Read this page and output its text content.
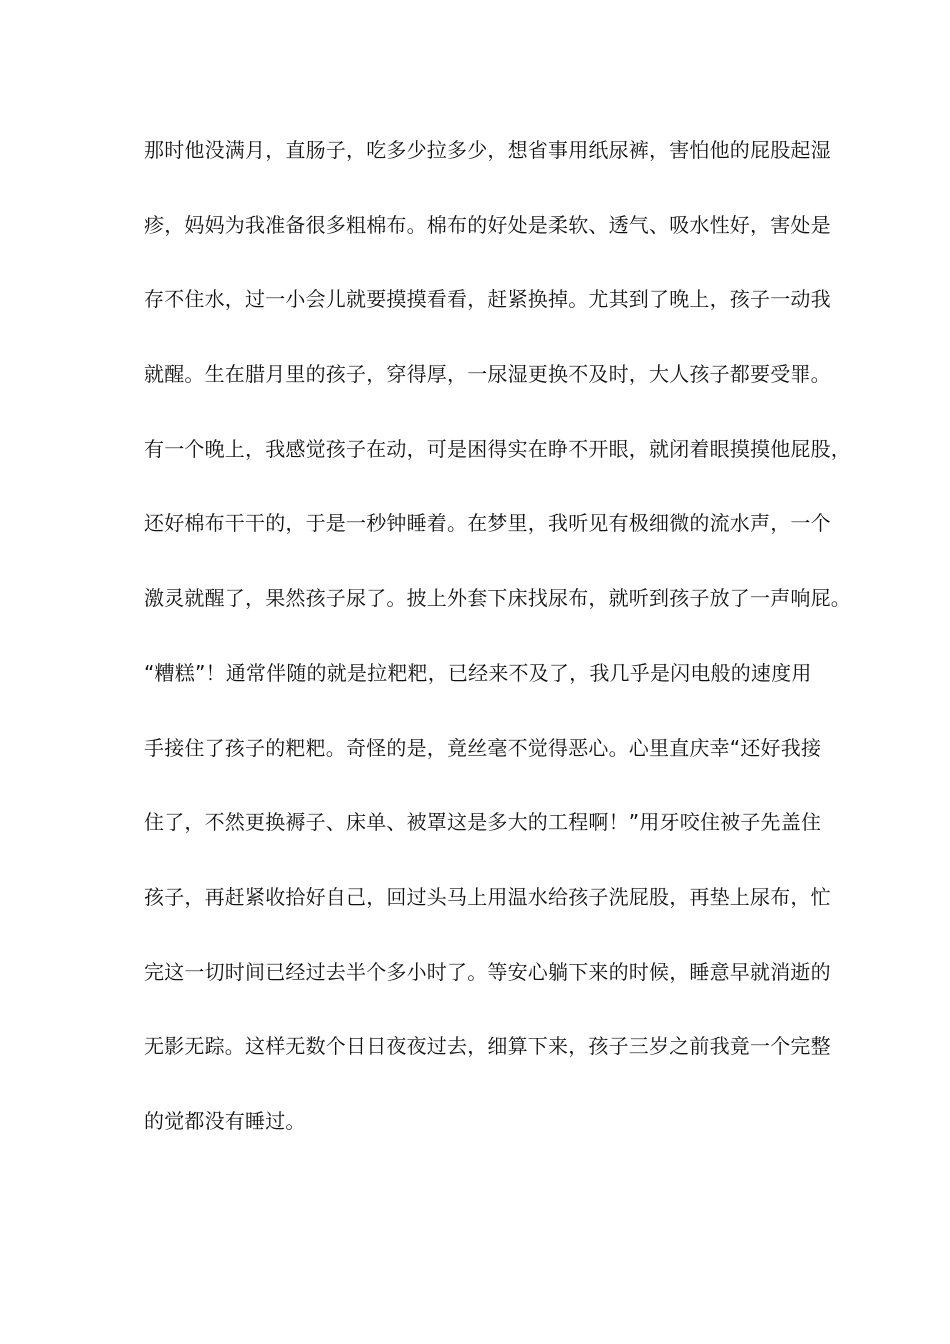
那时他没满月，直肠子，吃多少拉多少，想省事用纸尿裤，害怕他的屁股起湿
疹，妈妈为我准备很多粗棉布。棉布的好处是柔软、透气、吸水性好，害处是
存不住水，过一小会儿就要摸摸看看，赶紧换掉。尤其到了晚上，孩子一动我
就醒。生在腊月里的孩子，穿得厚，一尿湿更换不及时，大人孩子都要受罪。
有一个晚上，我感觉孩子在动，可是困得实在睁不开眼，就闭着眼摸摸他屁股，
还好棉布干干的，于是一秒钟睡着。在梦里，我听见有极细微的流水声，一个
激灵就醒了，果然孩子尿了。披上外套下床找尿布，就听到孩子放了一声响屁。
“糟糕”！通常伴随的就是拉粑粑，已经来不及了，我几乎是闪电般的速度用
手接住了孩子的粑粑。奇怪的是，竟丝毫不觉得恶心。心里直庆幸“还好我接
住了，不然更换褥子、床单、被罩这是多大的工程啊！”用牙咬住被子先盖住
孩子，再赶紧收拾好自己，回过头马上用温水给孩子洗屁股，再垫上尿布，忙
完这一切时间已经过去半个多小时了。等安心躺下来的时候，睡意早就消逝的
无影无踪。这样无数个日日夜夜过去，细算下来，孩子三岁之前我竟一个完整
的觉都没有睡过。
